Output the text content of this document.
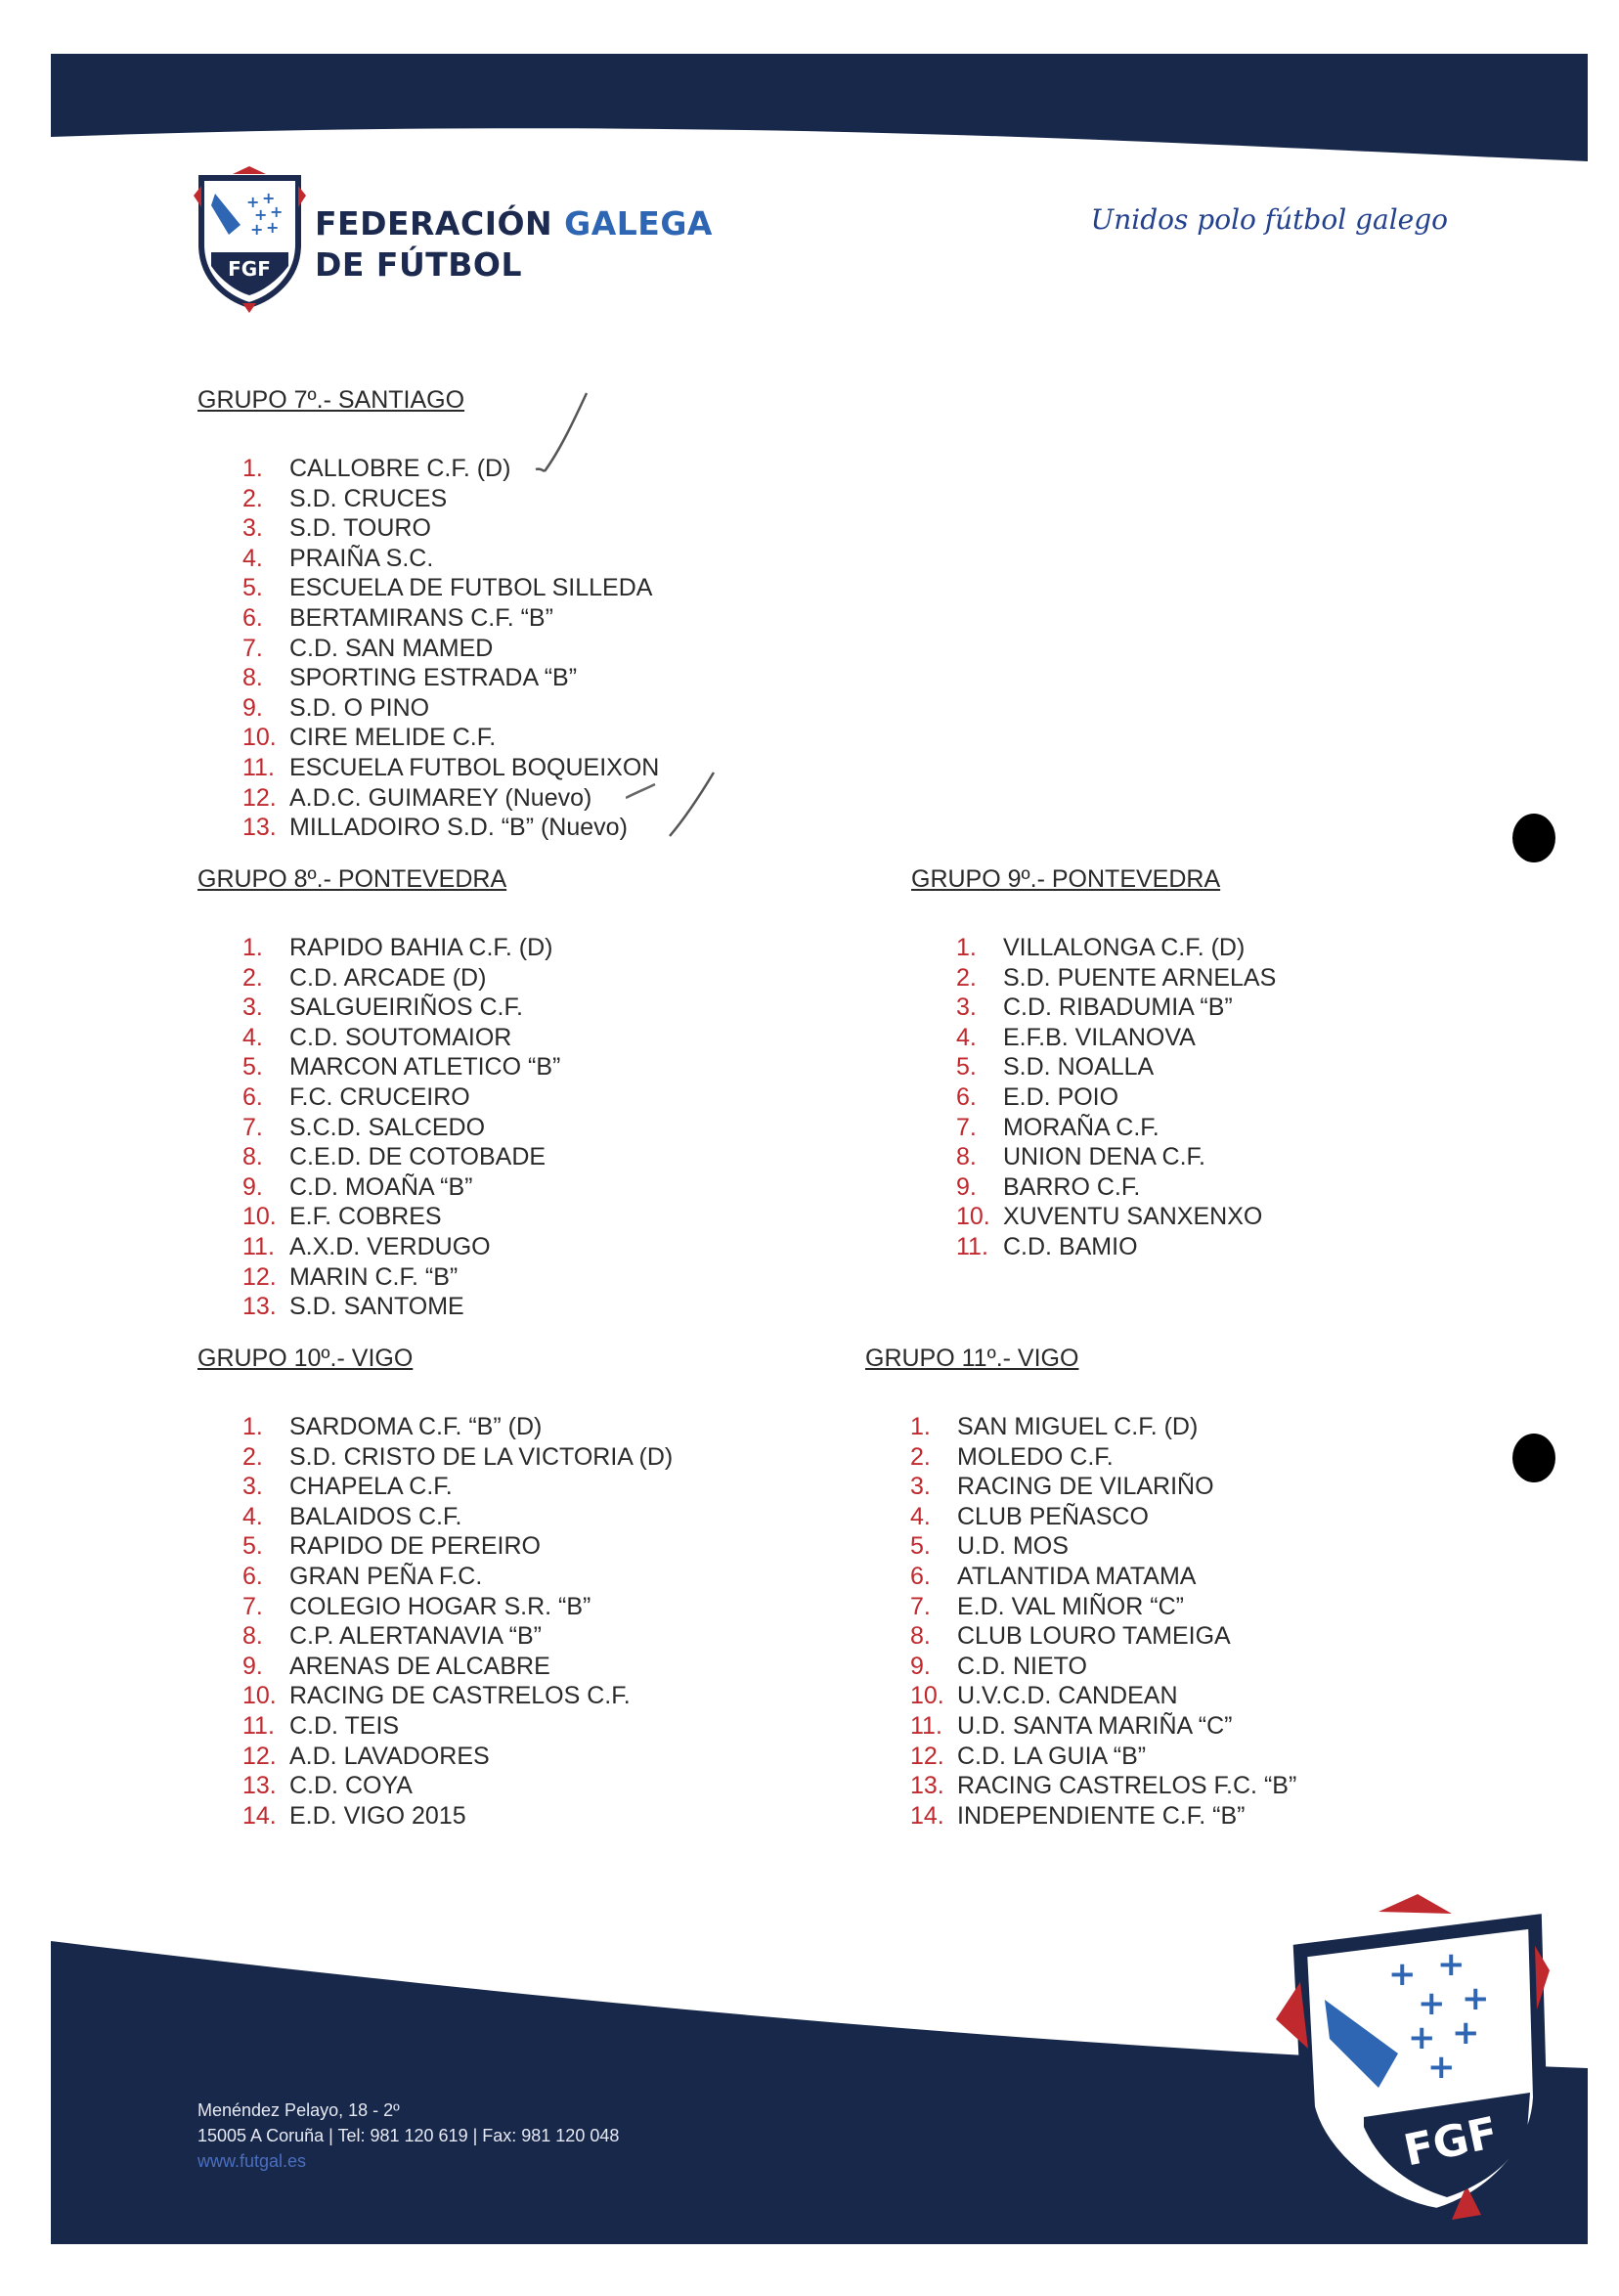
+ +
+ +
+ +
FGF
FEDERACIÓN GALEGA
DE FÚTBOL
Unidos polo fútbol galego
GRUPO 7º.- SANTIAGO
1. CALLOBRE C.F. (D)
2. S.D. CRUCES
3. S.D. TOURO
4. PRAIÑA S.C.
5. ESCUELA DE FUTBOL SILLEDA
6. BERTAMIRANS C.F. “B”
7. C.D. SAN MAMED
8. SPORTING ESTRADA “B”
9. S.D. O PINO
10. CIRE MELIDE C.F.
11. ESCUELA FUTBOL BOQUEIXON
12. A.D.C. GUIMAREY (Nuevo)
13. MILLADOIRO S.D. “B” (Nuevo)
GRUPO 8º.- PONTEVEDRA
1. RAPIDO BAHIA C.F. (D)
2. C.D. ARCADE (D)
3. SALGUEIRIÑOS C.F.
4. C.D. SOUTOMAIOR
5. MARCON ATLETICO “B”
6. F.C. CRUCEIRO
7. S.C.D. SALCEDO
8. C.E.D. DE COTOBADE
9. C.D. MOAÑA “B”
10. E.F. COBRES
11. A.X.D. VERDUGO
12. MARIN C.F. “B”
13. S.D. SANTOME
GRUPO 9º.- PONTEVEDRA
1. VILLALONGA C.F. (D)
2. S.D. PUENTE ARNELAS
3. C.D. RIBADUMIA “B”
4. E.F.B. VILANOVA
5. S.D. NOALLA
6. E.D. POIO
7. MORAÑA C.F.
8. UNION DENA C.F.
9. BARRO C.F.
10. XUVENTU SANXENXO
11. C.D. BAMIO
GRUPO 10º.- VIGO
1. SARDOMA C.F. “B” (D)
2. S.D. CRISTO DE LA VICTORIA (D)
3. CHAPELA C.F.
4. BALAIDOS C.F.
5. RAPIDO DE PEREIRO
6. GRAN PEÑA F.C.
7. COLEGIO HOGAR S.R. “B”
8. C.P. ALERTANAVIA “B”
9. ARENAS DE ALCABRE
10. RACING DE CASTRELOS C.F.
11. C.D. TEIS
12. A.D. LAVADORES
13. C.D. COYA
14. E.D. VIGO 2015
GRUPO 11º.- VIGO
1. SAN MIGUEL C.F. (D)
2. MOLEDO C.F.
3. RACING DE VILARIÑO
4. CLUB PEÑASCO
5. U.D. MOS
6. ATLANTIDA MATAMA
7. E.D. VAL MIÑOR “C”
8. CLUB LOURO TAMEIGA
9. C.D. NIETO
10. U.V.C.D. CANDEAN
11. U.D. SANTA MARIÑA “C”
12. C.D. LA GUIA “B”
13. RACING CASTRELOS F.C. “B”
14. INDEPENDIENTE C.F. “B”
Menéndez Pelayo, 18 - 2º
15005 A Coruña | Tel: 981 120 619 | Fax: 981 120 048
www.futgal.es
+ +
+ +
+ +
+
FGF
